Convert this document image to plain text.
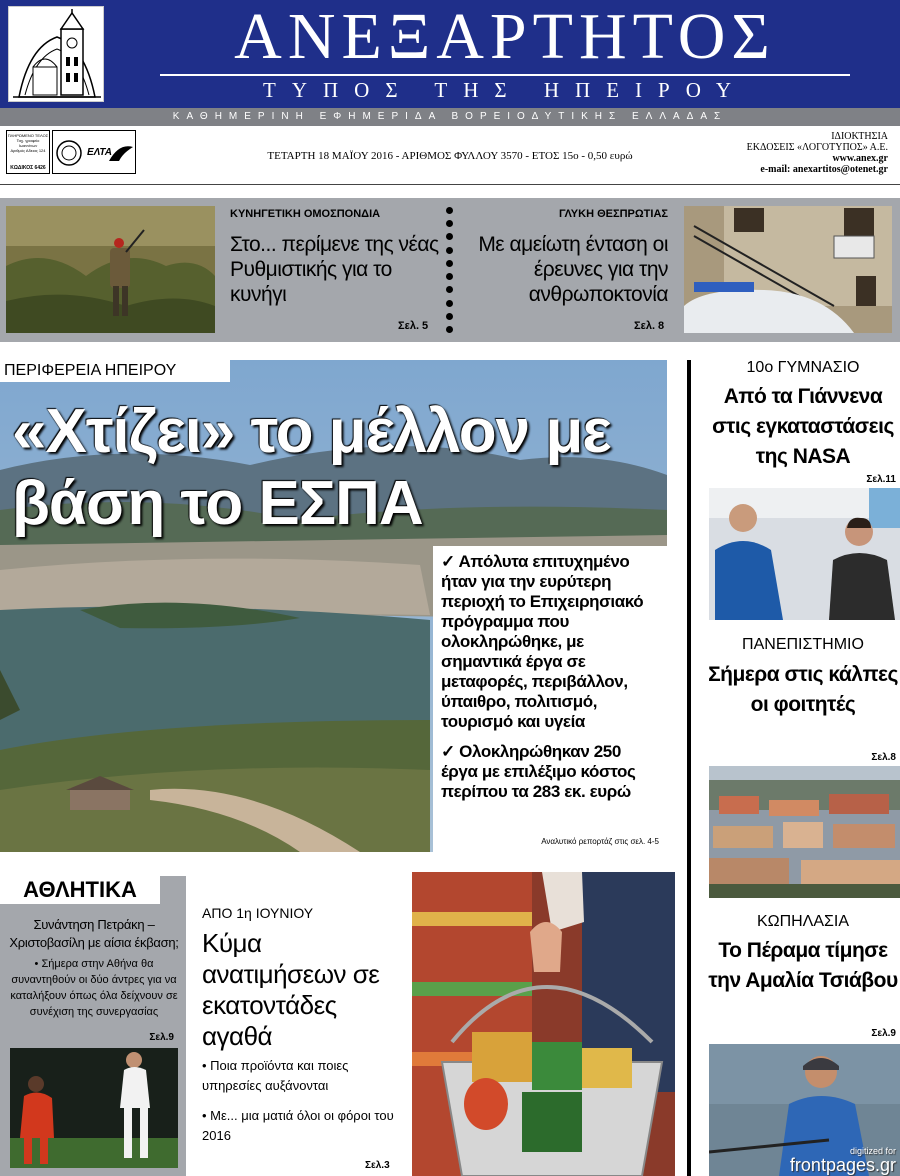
ΑΝΕΞΑΡΤΗΤΟΣ
ΤΥΠΟΣ ΤΗΣ ΗΠΕΙΡΟΥ
ΚΑΘΗΜΕΡΙΝΗ ΕΦΗΜΕΡΙΔΑ ΒΟΡΕΙΟΔΥΤΙΚΗΣ ΕΛΛΑΔΑΣ
ΠΛΗΡΩΜΕΝΟ ΤΕΛΟΣ
Ταχ. γραφείο Ιωαννίνων
Αριθμός Αδειας 124
ΚΩΔΙΚΟΣ 6426
ΕΛΤΑ	ΤΕΤΑΡΤΗ 18 ΜΑΪΟΥ 2016 - ΑΡΙΘΜΟΣ ΦΥΛΛΟΥ 3570 - ΕΤΟΣ 15ο - 0,50 ευρώ
ΙΔΙΟΚΤΗΣΙΑ
ΕΚΔΟΣΕΙΣ «ΛΟΓΟΤΥΠΟΣ» Α.Ε.
www.anex.gr
e-mail: anexartitos@otenet.gr
ΚΥΝΗΓΕΤΙΚΗ ΟΜΟΣΠΟΝΔΙΑ
Στο... περίμενε της νέας Ρυθμιστικής για το κυνήγι
Σελ. 5
ΓΛΥΚΗ ΘΕΣΠΡΩΤΙΑΣ
Με αμείωτη ένταση οι έρευνες για την ανθρωποκτονία
Σελ. 8
ΠΕΡΙΦΕΡΕΙΑ ΗΠΕΙΡΟΥ
«Χτίζει» το μέλλον με
βάση το ΕΣΠΑ

✓ Απόλυτα επιτυχημένο ήταν για την ευρύτερη περιοχή το Επιχειρησιακό πρόγραμμα που ολοκληρώθηκε, με σημαντικά έργα σε μεταφορές, περιβάλλον, ύπαιθρο, πολιτισμό, τουρισμό και υγεία

✓ Ολοκληρώθηκαν 250 έργα με επιλέξιμο κόστος περίπου τα 283 εκ. ευρώ

Αναλυτικό ρεπορτάζ στις σελ. 4-5
10ο ΓΥΜΝΑΣΙΟ
Από τα Γιάννενα στις εγκαταστάσεις της NASA
Σελ.11
ΠΑΝΕΠΙΣΤΗΜΙΟ
Σήμερα στις κάλπες οι φοιτητές
Σελ.8
ΚΩΠΗΛΑΣΙΑ
Το Πέραμα τίμησε την Αμαλία Τσιάβου
Σελ.9
ΑΘΛΗΤΙΚΑ
Συνάντηση Πετράκη – Χριστοβασίλη με αίσια έκβαση;
• Σήμερα στην Αθήνα θα συναντηθούν οι δύο άντρες για να καταλήξουν όπως όλα δείχνουν σε συνέχιση της συνεργασίας
Σελ.9
ΑΠΟ 1η ΙΟΥΝΙΟΥ
Κύμα ανατιμήσεων σε εκατοντάδες αγαθά
• Ποια προϊόντα και ποιες υπηρεσίες αυξάνονται
• Με... μια ματιά όλοι οι φόροι του 2016
Σελ.3
digitized for
frontpages.gr
